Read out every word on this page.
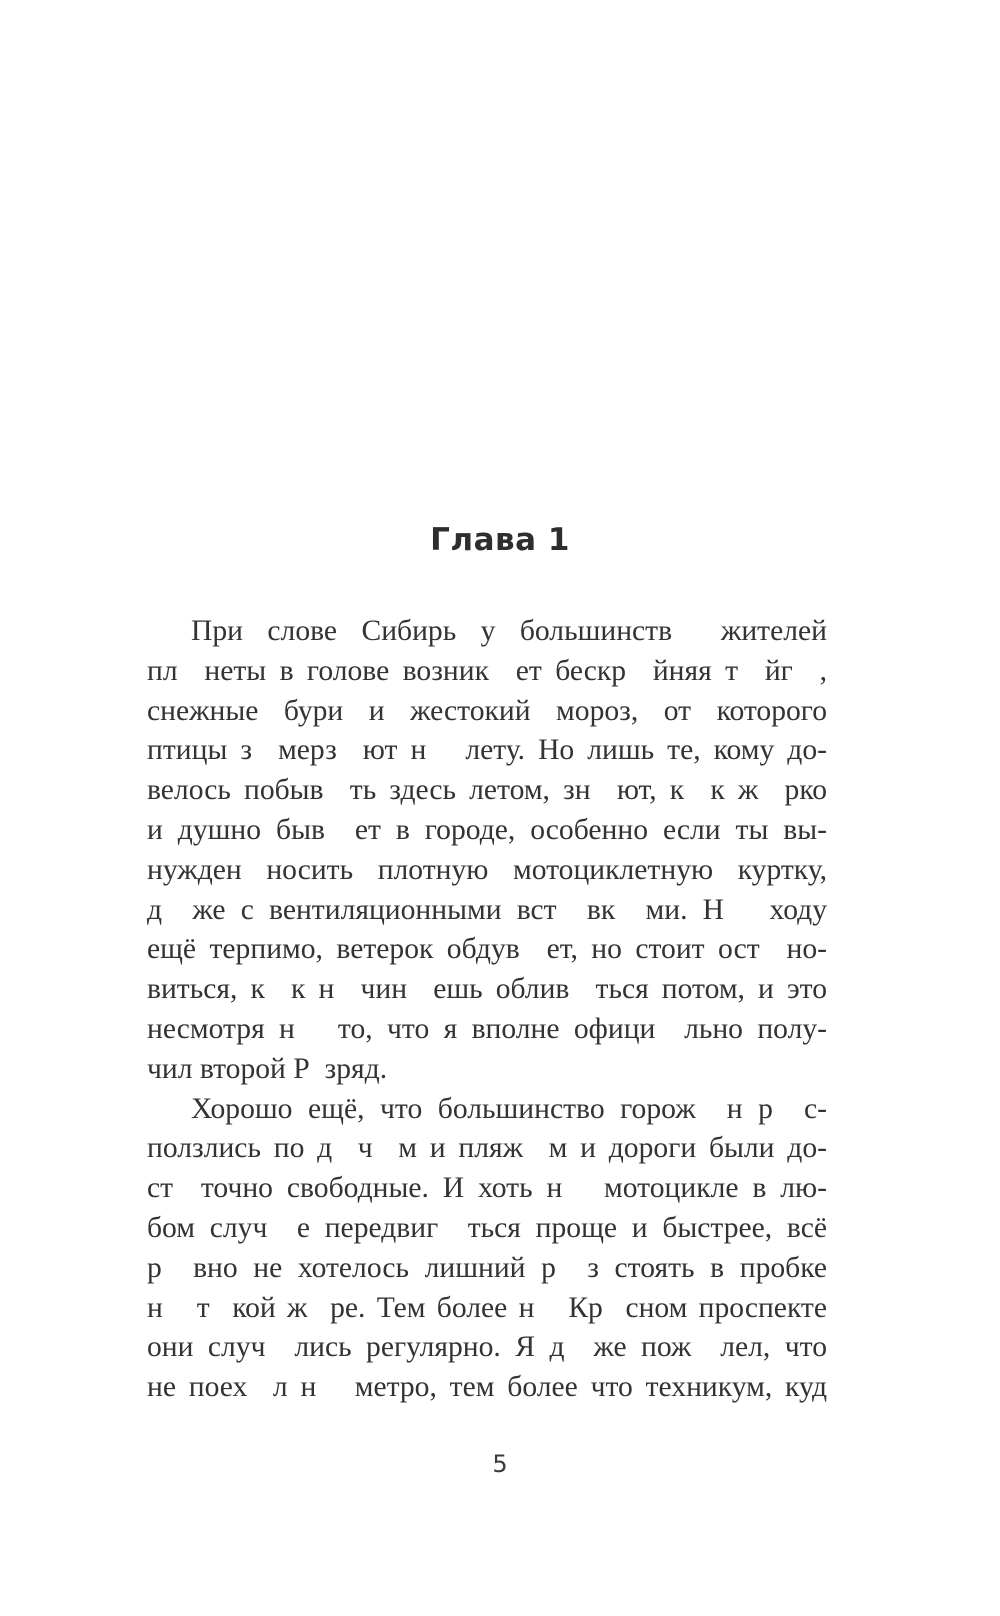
Глава 1
При слове Сибирь у большинств  жителей
пл  неты в голове возник  ет бескр  йняя т  йг  ,
снежные бури и жестокий мороз, от которого
птицы з  мерз  ют н   лету. Но лишь те, кому до-
велось побыв  ть здесь летом, зн  ют, к  к ж  рко
и душно быв  ет в городе, особенно если ты вы-
нужден носить плотную мотоциклетную куртку,
д  же с вентиляционными вст  вк  ми. Н   ходу
ещё терпимо, ветерок обдув  ет, но стоит ост  но-
виться, к  к н  чин  ешь облив  ться потом, и это
несмотря н   то, что я вполне офици  льно полу-
чил второй Р  зряд.
Хорошо ещё, что большинство горож  н р  с-
ползлись по д  ч  м и пляж  м и дороги были до-
ст  точно свободные. И хоть н   мотоцикле в лю-
бом случ  е передвиг  ться проще и быстрее, всё
р  вно не хотелось лишний р  з стоять в пробке
н   т  кой ж  ре. Тем более н   Кр  сном проспекте
они случ  лись регулярно. Я д  же пож  лел, что
не поех  л н   метро, тем более что техникум, куд
5
